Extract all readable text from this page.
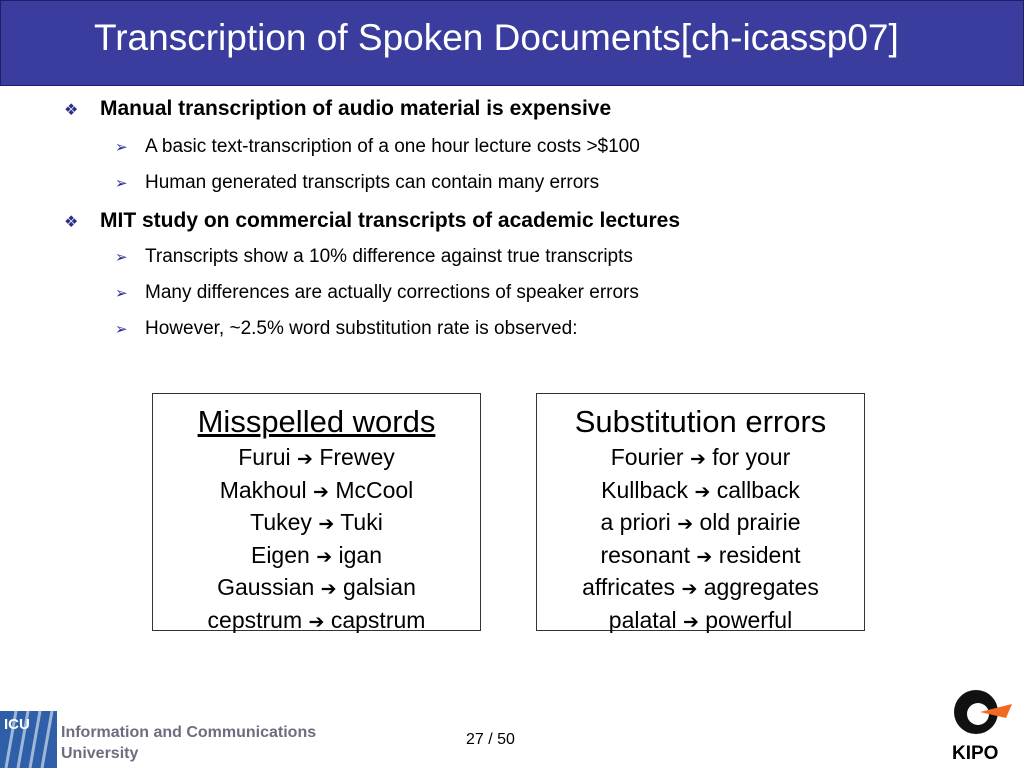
Transcription of Spoken Documents[ch-icassp07]
❖ Manual transcription of audio material is expensive
➢ A basic text-transcription of a one hour lecture costs >$100
➢ Human generated transcripts can contain many errors
❖ MIT study on commercial transcripts of academic lectures
➢ Transcripts show a 10% difference against true transcripts
➢ Many differences are actually corrections of speaker errors
➢ However, ~2.5% word substitution rate is observed:
Misspelled words
Furui ➔ Frewey
Makhoul ➔ McCool
Tukey ➔ Tuki
Eigen ➔ igan
Gaussian ➔ galsian
cepstrum ➔ capstrum
Substitution errors
Fourier ➔ for your
Kullback ➔ callback
a priori ➔ old prairie
resonant ➔ resident
affricates ➔ aggregates
palatal ➔ powerful
ICU Information and Communications
University
27 / 50
KIPO
